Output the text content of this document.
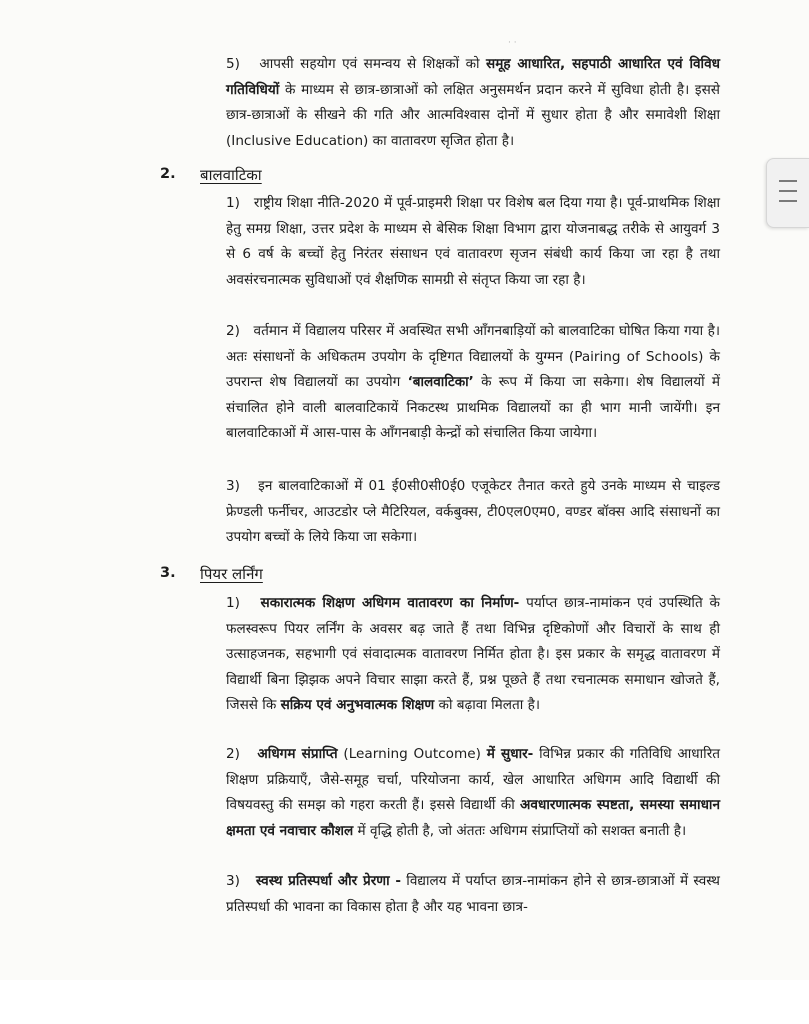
· ·

5) आपसी सहयोग एवं समन्वय से शिक्षकों को समूह आधारित, सहपाठी आधारित एवं विविध गतिविधियों के माध्यम से छात्र-छात्राओं को लक्षित अनुसमर्थन प्रदान करने में सुविधा होती है। इससे छात्र-छात्राओं के सीखने की गति और आत्मविश्वास दोनों में सुधार होता है और समावेशी शिक्षा (Inclusive Education) का वातावरण सृजित होता है।

2. बालवाटिका

1) राष्ट्रीय शिक्षा नीति-2020 में पूर्व-प्राइमरी शिक्षा पर विशेष बल दिया गया है। पूर्व-प्राथमिक शिक्षा हेतु समग्र शिक्षा, उत्तर प्रदेश के माध्यम से बेसिक शिक्षा विभाग द्वारा योजनाबद्ध तरीके से आयुवर्ग 3 से 6 वर्ष के बच्चों हेतु निरंतर संसाधन एवं वातावरण सृजन संबंधी कार्य किया जा रहा है तथा अवसंरचनात्मक सुविधाओं एवं शैक्षणिक सामग्री से संतृप्त किया जा रहा है।

2) वर्तमान में विद्यालय परिसर में अवस्थित सभी आँगनबाड़ियों को बालवाटिका घोषित किया गया है। अतः संसाधनों के अधिकतम उपयोग के दृष्टिगत विद्यालयों के युग्मन (Pairing of Schools) के उपरान्त शेष विद्यालयों का उपयोग ‘बालवाटिका’ के रूप में किया जा सकेगा। शेष विद्यालयों में संचालित होने वाली बालवाटिकायें निकटस्थ प्राथमिक विद्यालयों का ही भाग मानी जायेंगी। इन बालवाटिकाओं में आस-पास के आँगनबाड़ी केन्द्रों को संचालित किया जायेगा।

3) इन बालवाटिकाओं में 01 ई0सी0सी0ई0 एजूकेटर तैनात करते हुये उनके माध्यम से चाइल्ड फ्रेण्डली फर्नीचर, आउटडोर प्ले मैटिरियल, वर्कबुक्स, टी0एल0एम0, वण्डर बॉक्स आदि संसाधनों का उपयोग बच्चों के लिये किया जा सकेगा।

3. पियर लर्निंग

1) सकारात्मक शिक्षण अधिगम वातावरण का निर्माण- पर्याप्त छात्र-नामांकन एवं उपस्थिति के फलस्वरूप पियर लर्निंग के अवसर बढ़ जाते हैं तथा विभिन्न दृष्टिकोणों और विचारों के साथ ही उत्साहजनक, सहभागी एवं संवादात्मक वातावरण निर्मित होता है। इस प्रकार के समृद्ध वातावरण में विद्यार्थी बिना झिझक अपने विचार साझा करते हैं, प्रश्न पूछते हैं तथा रचनात्मक समाधान खोजते हैं, जिससे कि सक्रिय एवं अनुभवात्मक शिक्षण को बढ़ावा मिलता है।

2) अधिगम संप्राप्ति (Learning Outcome) में सुधार- विभिन्न प्रकार की गतिविधि आधारित शिक्षण प्रक्रियाएँ, जैसे-समूह चर्चा, परियोजना कार्य, खेल आधारित अधिगम आदि विद्यार्थी की विषयवस्तु की समझ को गहरा करती हैं। इससे विद्यार्थी की अवधारणात्मक स्पष्टता, समस्या समाधान क्षमता एवं नवाचार कौशल में वृद्धि होती है, जो अंततः अधिगम संप्राप्तियों को सशक्त बनाती है।

3) स्वस्थ प्रतिस्पर्धा और प्रेरणा - विद्यालय में पर्याप्त छात्र-नामांकन होने से छात्र-छात्राओं में स्वस्थ प्रतिस्पर्धा की भावना का विकास होता है और यह भावना छात्र-
